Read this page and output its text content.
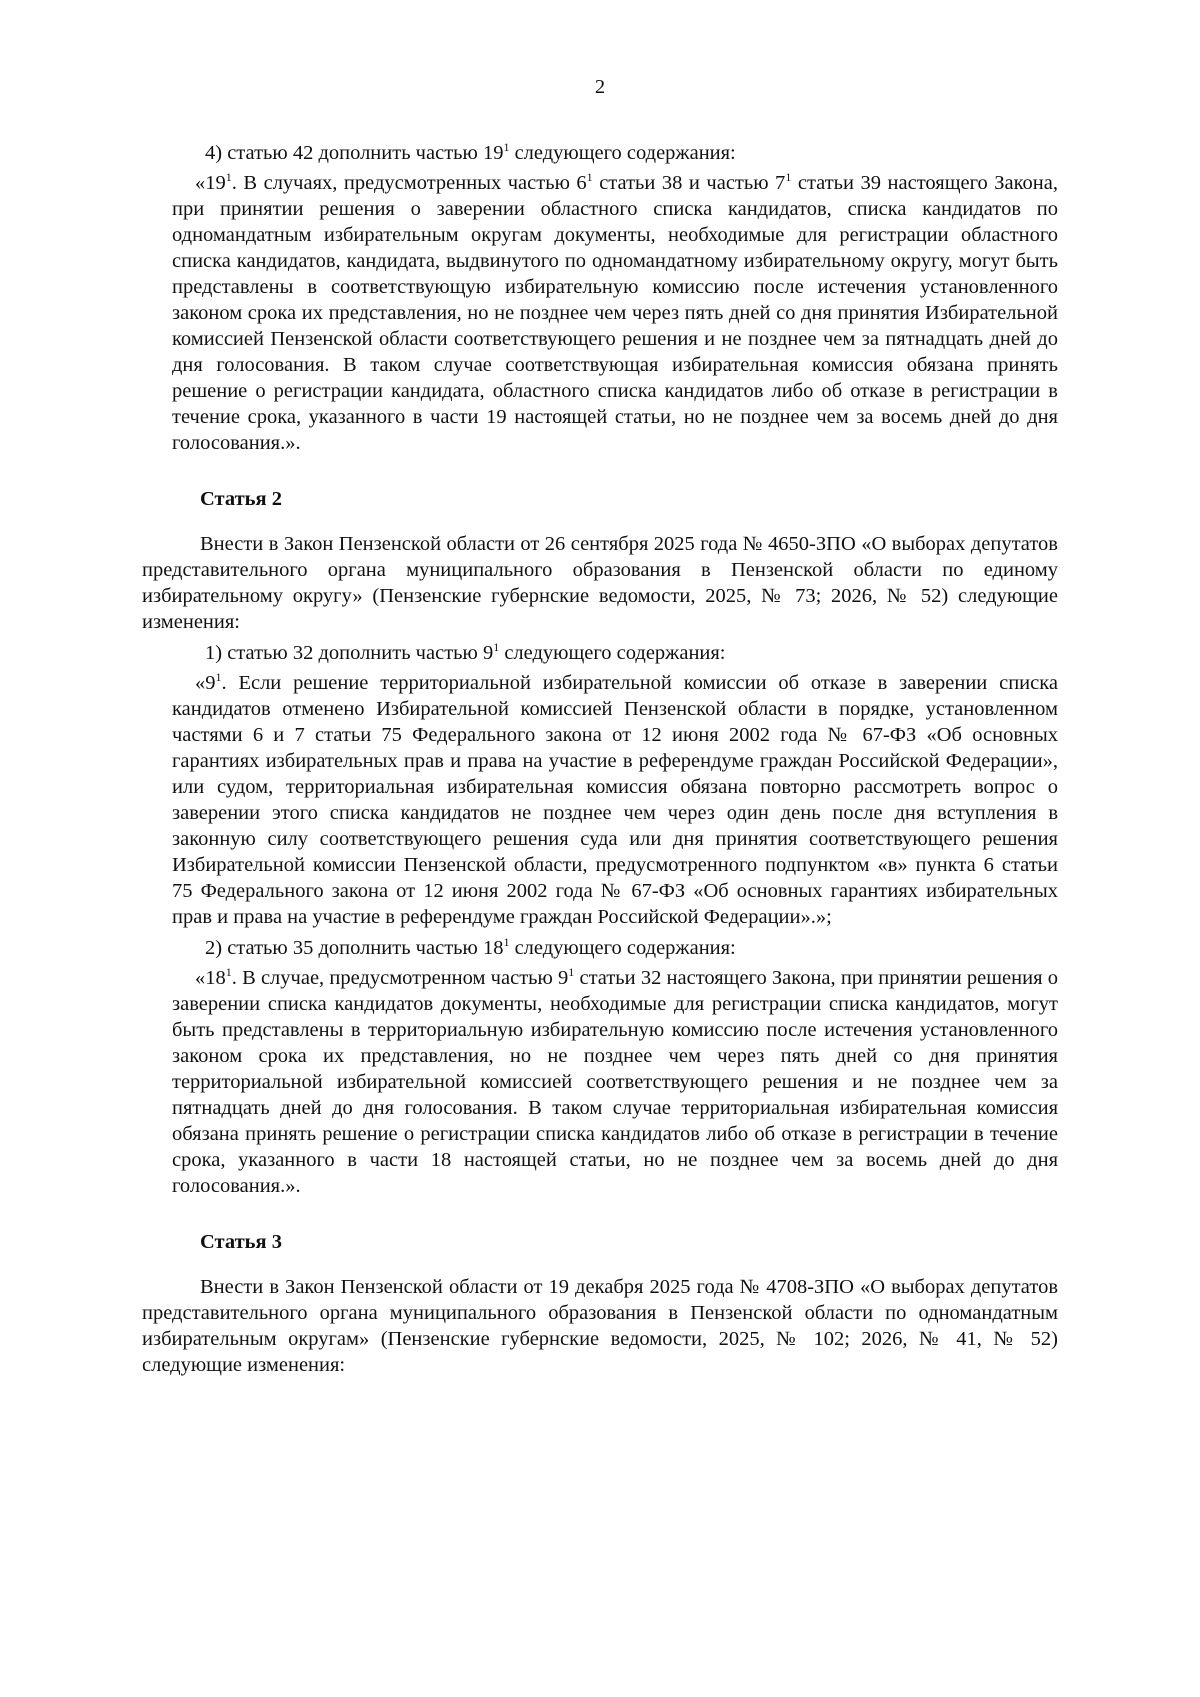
2

4) статью 42 дополнить частью $19^1$ следующего содержания:

«$19^1$. В случаях, предусмотренных частью $6^1$ статьи 38 и частью $7^1$ статьи 39 настоящего Закона, при принятии решения о заверении областного списка кандидатов, списка кандидатов по одномандатным избирательным округам документы, необходимые для регистрации областного списка кандидатов, кандидата, выдвинутого по одномандатному избирательному округу, могут быть представлены в соответствующую избирательную комиссию после истечения установленного законом срока их представления, но не позднее чем через пять дней со дня принятия Избирательной комиссией Пензенской области соответствующего решения и не позднее чем за пятнадцать дней до дня голосования. В таком случае соответствующая избирательная комиссия обязана принять решение о регистрации кандидата, областного списка кандидатов либо об отказе в регистрации в течение срока, указанного в части 19 настоящей статьи, но не позднее чем за восемь дней до дня голосования.».

Статья 2

Внести в Закон Пензенской области от 26 сентября 2025 года № 4650-ЗПО «О выборах депутатов представительного органа муниципального образования в Пензенской области по единому избирательному округу» (Пензенские губернские ведомости, 2025, № 73; 2026, № 52) следующие изменения:

1) статью 32 дополнить частью $9^1$ следующего содержания:

«$9^1$. Если решение территориальной избирательной комиссии об отказе в заверении списка кандидатов отменено Избирательной комиссией Пензенской области в порядке, установленном частями 6 и 7 статьи 75 Федерального закона от 12 июня 2002 года № 67-ФЗ «Об основных гарантиях избирательных прав и права на участие в референдуме граждан Российской Федерации», или судом, территориальная избирательная комиссия обязана повторно рассмотреть вопрос о заверении этого списка кандидатов не позднее чем через один день после дня вступления в законную силу соответствующего решения суда или дня принятия соответствующего решения Избирательной комиссии Пензенской области, предусмотренного подпунктом «в» пункта 6 статьи 75 Федерального закона от 12 июня 2002 года № 67-ФЗ «Об основных гарантиях избирательных прав и права на участие в референдуме граждан Российской Федерации».»;

2) статью 35 дополнить частью $18^1$ следующего содержания:

«$18^1$. В случае, предусмотренном частью $9^1$ статьи 32 настоящего Закона, при принятии решения о заверении списка кандидатов документы, необходимые для регистрации списка кандидатов, могут быть представлены в территориальную избирательную комиссию после истечения установленного законом срока их представления, но не позднее чем через пять дней со дня принятия территориальной избирательной комиссией соответствующего решения и не позднее чем за пятнадцать дней до дня голосования. В таком случае территориальная избирательная комиссия обязана принять решение о регистрации списка кандидатов либо об отказе в регистрации в течение срока, указанного в части 18 настоящей статьи, но не позднее чем за восемь дней до дня голосования.».

Статья 3

Внести в Закон Пензенской области от 19 декабря 2025 года № 4708-ЗПО «О выборах депутатов представительного органа муниципального образования в Пензенской области по одномандатным избирательным округам» (Пензенские губернские ведомости, 2025, № 102; 2026, № 41, № 52) следующие изменения:
